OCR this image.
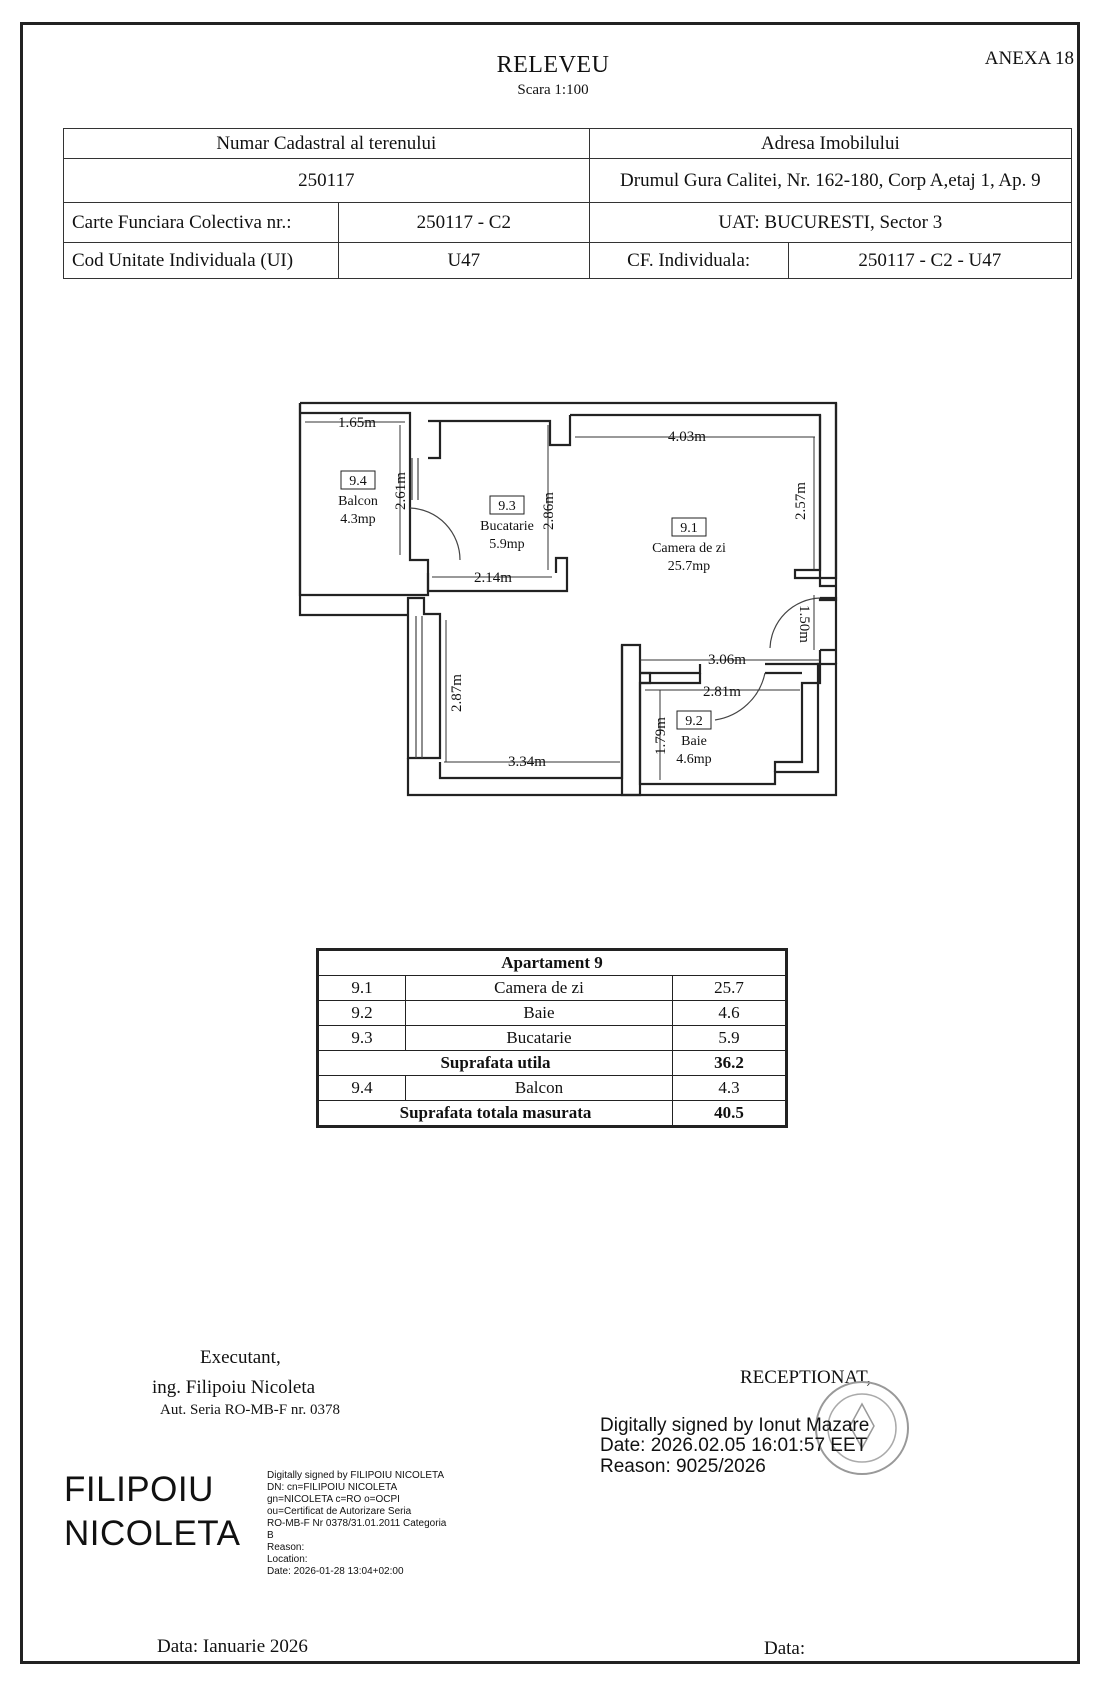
RELEVEU
Scara 1:100
ANEXA 18
Numar Cadastral al terenului		Adresa Imobilului	
250117		Drumul Gura Calitei, Nr. 162-180, Corp A,etaj 1, Ap. 9	
Carte Funciara Colectiva nr.:	250117 - C2	UAT: BUCURESTI, Sector 3	
Cod Unitate Individuala (UI)	U47	CF. Individuala:	250117 - C2 - U47
1.65m
2.61m
2.86m
2.14m
4.03m
2.57m
1.50m
3.06m
2.81m
1.79m
2.87m
3.34m
9.4
Balcon
4.3mp
9.3
Bucatarie
5.9mp
9.1
Camera de zi
25.7mp
9.2
Baie
4.6mp
Apartament 9		
9.1	Camera de zi	25.7
9.2	Baie	4.6
9.3	Bucatarie	5.9
Suprafata utila		36.2
9.4	Balcon	4.3
Suprafata totala masurata		40.5
Executant,
ing. Filipoiu Nicoleta
Aut. Seria RO-MB-F nr. 0378
FILIPOIU
NICOLETA
Digitally signed by FILIPOIU NICOLETA
DN: cn=FILIPOIU NICOLETA
gn=NICOLETA c=RO o=OCPI
ou=Certificat de Autorizare Seria
RO-MB-F Nr 0378/31.01.2011 Categoria
B
Reason:
Location:
Date: 2026-01-28 13:04+02:00
Data: Ianuarie 2026
RECEPTIONAT,
Digitally signed by Ionut Mazare
Date: 2026.02.05 16:01:57 EET
Reason: 9025/2026
Data:
